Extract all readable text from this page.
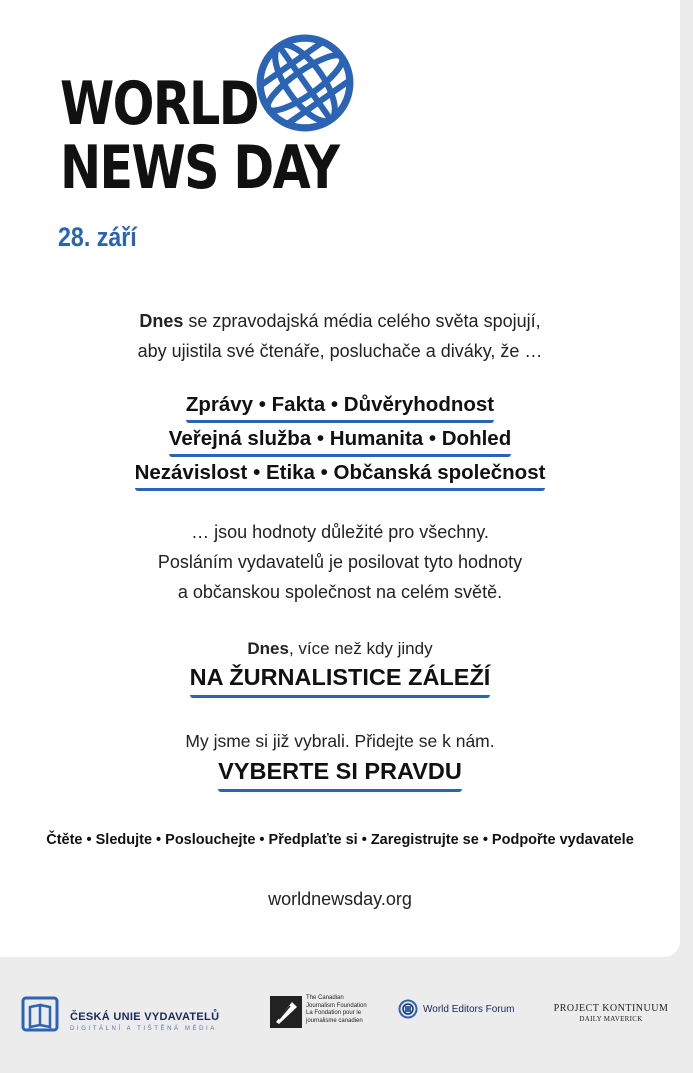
WORLD
NEWS DAY
28. září
Dnes se zpravodajská média celého světa spojují,
aby ujistila své čtenáře, posluchače a diváky, že …
Zprávy • Fakta • Důvěryhodnost
Veřejná služba • Humanita • Dohled
Nezávislost • Etika • Občanská společnost
… jsou hodnoty důležité pro všechny.
Posláním vydavatelů je posilovat tyto hodnoty
a občanskou společnost na celém světě.
Dnes, více než kdy jindy
NA ŽURNALISTICE ZÁLEŽÍ
My jsme si již vybrali. Přidejte se k nám.
VYBERTE SI PRAVDU
Čtěte • Sledujte • Poslouchejte • Předplaťte si • Zaregistrujte se • Podpořte vydavatele
worldnewsday.org
ČESKÁ UNIE VYDAVATELŮ
DIGITÁLNÍ A TIŠTĚNÁ MÉDIA
The Canadian
Journalism Foundation
La Fondation pour le
journalisme canadien
World Editors Forum	PROJECT KONTINUUM
DAILY MAVERICK
